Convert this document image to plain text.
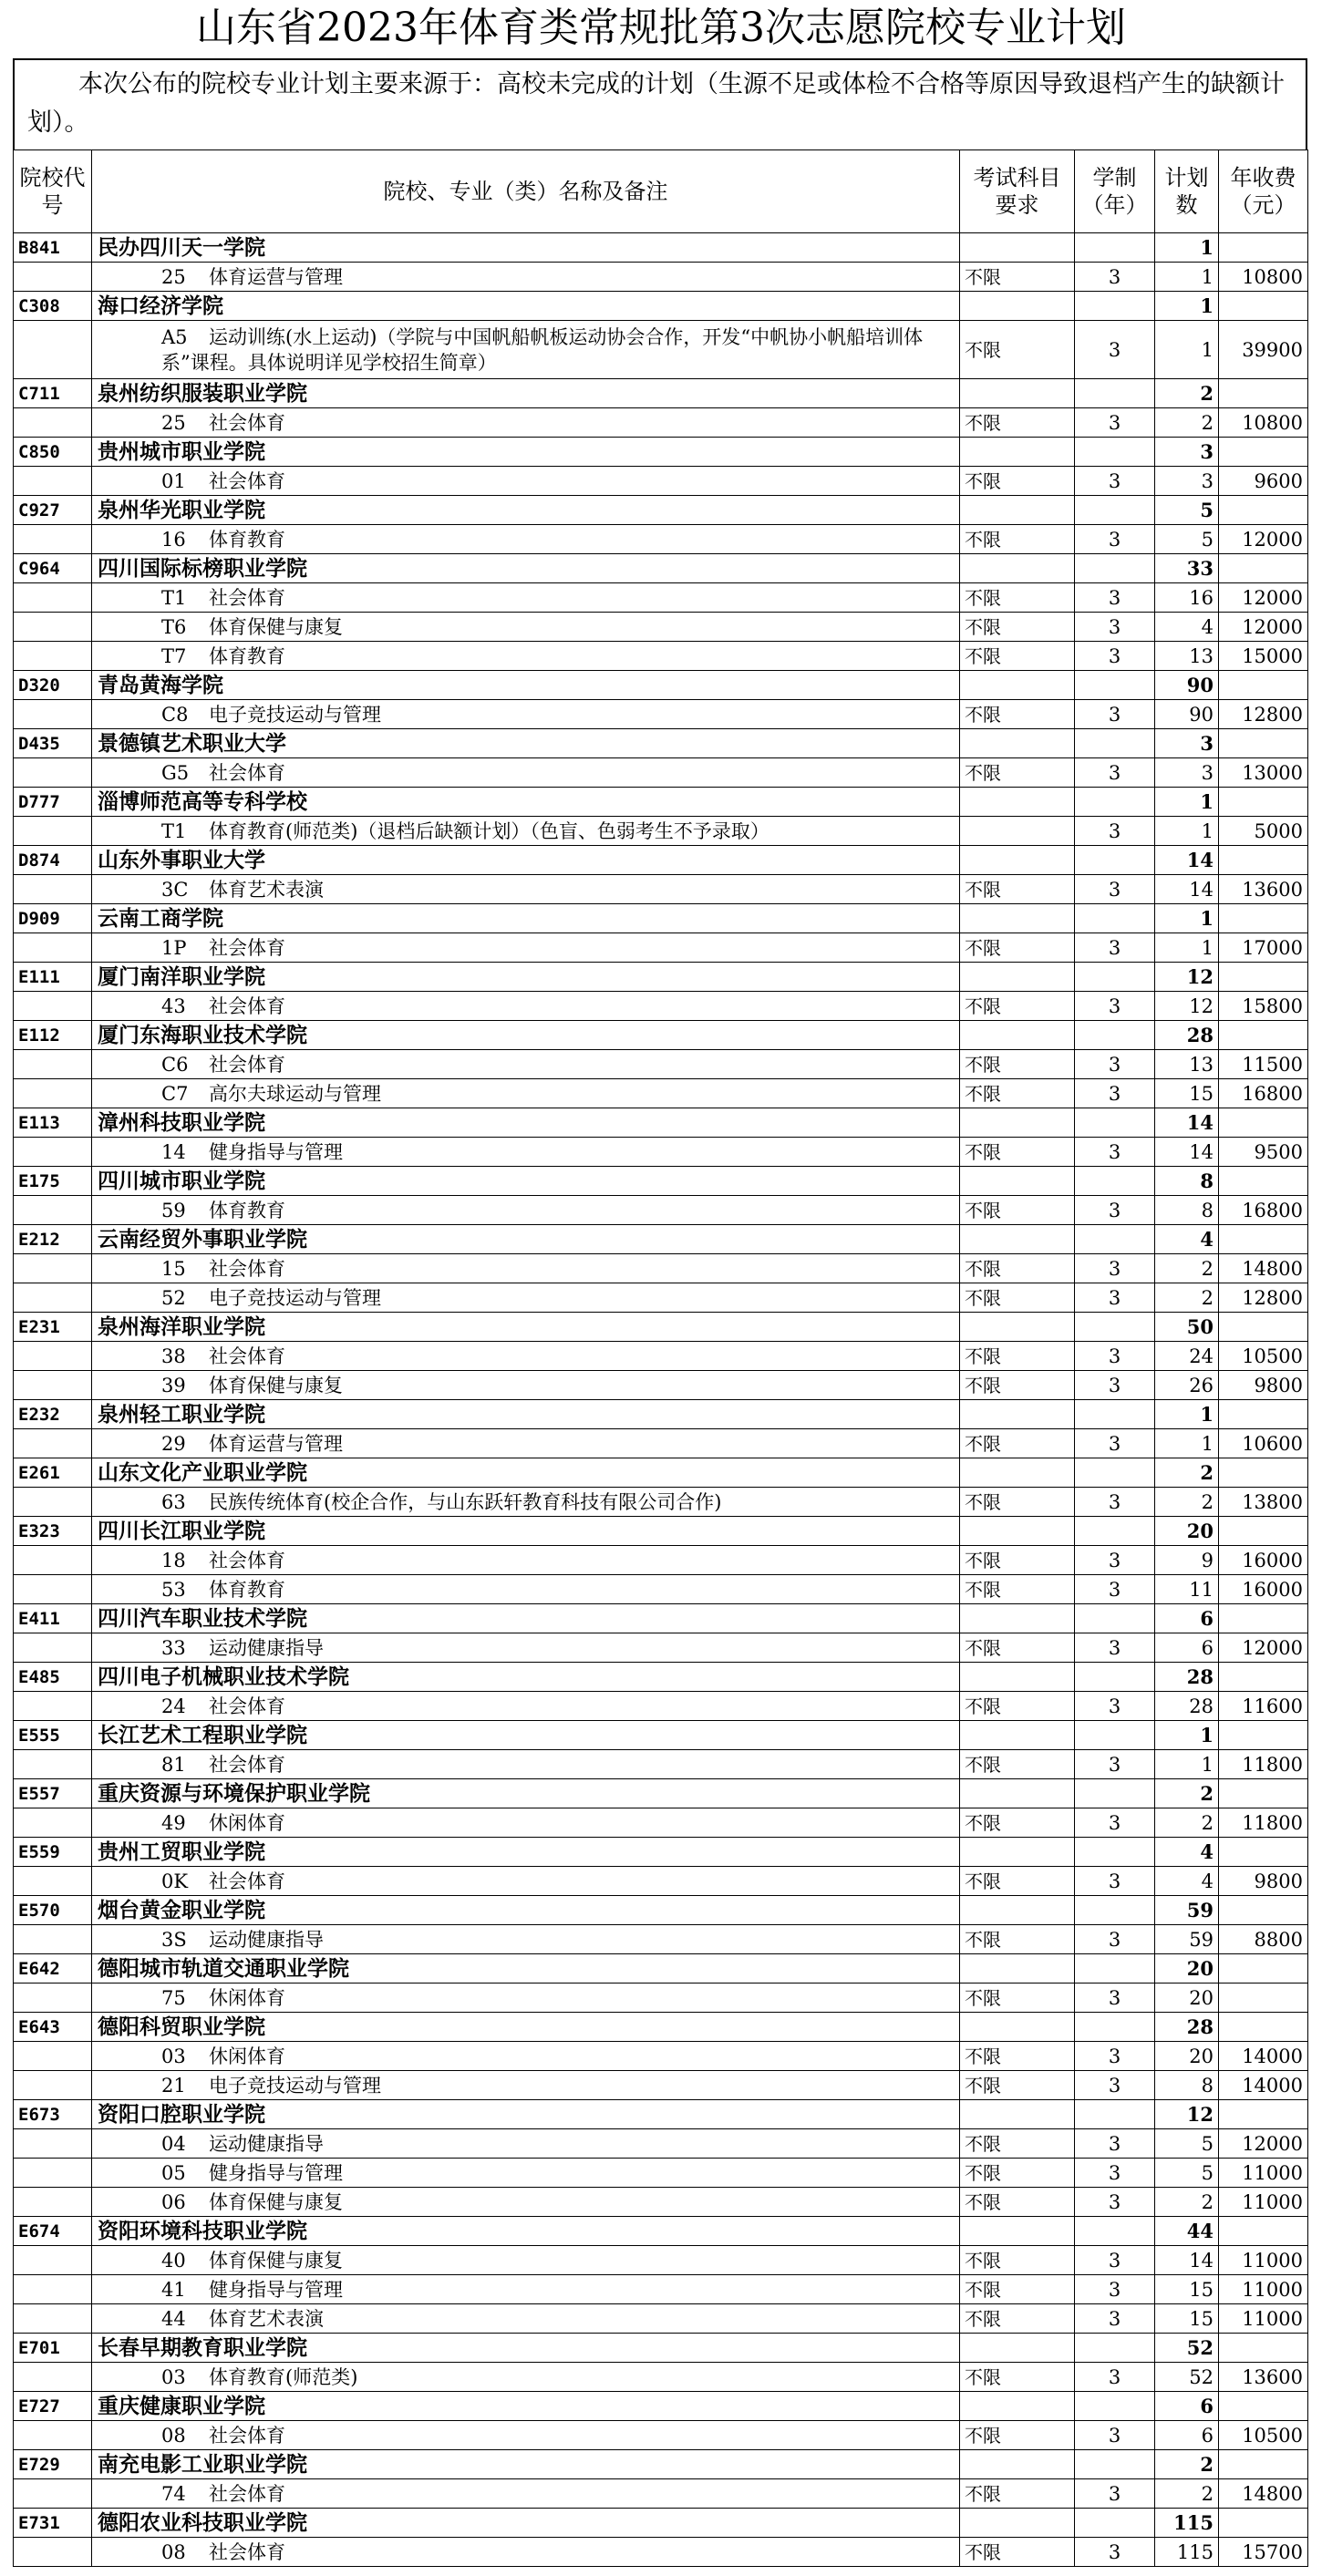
山东省2023年体育类常规批第3次志愿院校专业计划
本次公布的院校专业计划主要来源于：高校未完成的计划（生源不足或体检不合格等原因导致退档产生的缺额计划）。
院校代号	院校、专业（类）名称及备注	考试科目要求	学制（年）	计划数	年收费（元）
B841	民办四川天一学院			1	
	25 体育运营与管理	不限	3	1	10800
C308	海口经济学院			1	
	A5 运动训练(水上运动)（学院与中国帆船帆板运动协会合作，开发“中帆协小帆船培训体系”课程。具体说明详见学校招生简章）	不限	3	1	39900
C711	泉州纺织服装职业学院			2	
	25 社会体育	不限	3	2	10800
C850	贵州城市职业学院			3	
	01 社会体育	不限	3	3	9600
C927	泉州华光职业学院			5	
	16 体育教育	不限	3	5	12000
C964	四川国际标榜职业学院			33	
	T1 社会体育	不限	3	16	12000
	T6 体育保健与康复	不限	3	4	12000
	T7 体育教育	不限	3	13	15000
D320	青岛黄海学院			90	
	C8 电子竞技运动与管理	不限	3	90	12800
D435	景德镇艺术职业大学			3	
	G5 社会体育	不限	3	3	13000
D777	淄博师范高等专科学校			1	
	T1 体育教育(师范类)（退档后缺额计划）（色盲、色弱考生不予录取）		3	1	5000
D874	山东外事职业大学			14	
	3C 体育艺术表演	不限	3	14	13600
D909	云南工商学院			1	
	1P 社会体育	不限	3	1	17000
E111	厦门南洋职业学院			12	
	43 社会体育	不限	3	12	15800
E112	厦门东海职业技术学院			28	
	C6 社会体育	不限	3	13	11500
	C7 高尔夫球运动与管理	不限	3	15	16800
E113	漳州科技职业学院			14	
	14 健身指导与管理	不限	3	14	9500
E175	四川城市职业学院			8	
	59 体育教育	不限	3	8	16800
E212	云南经贸外事职业学院			4	
	15 社会体育	不限	3	2	14800
	52 电子竞技运动与管理	不限	3	2	12800
E231	泉州海洋职业学院			50	
	38 社会体育	不限	3	24	10500
	39 体育保健与康复	不限	3	26	9800
E232	泉州轻工职业学院			1	
	29 体育运营与管理	不限	3	1	10600
E261	山东文化产业职业学院			2	
	63 民族传统体育(校企合作，与山东跃轩教育科技有限公司合作)	不限	3	2	13800
E323	四川长江职业学院			20	
	18 社会体育	不限	3	9	16000
	53 体育教育	不限	3	11	16000
E411	四川汽车职业技术学院			6	
	33 运动健康指导	不限	3	6	12000
E485	四川电子机械职业技术学院			28	
	24 社会体育	不限	3	28	11600
E555	长江艺术工程职业学院			1	
	81 社会体育	不限	3	1	11800
E557	重庆资源与环境保护职业学院			2	
	49 休闲体育	不限	3	2	11800
E559	贵州工贸职业学院			4	
	0K 社会体育	不限	3	4	9800
E570	烟台黄金职业学院			59	
	3S 运动健康指导	不限	3	59	8800
E642	德阳城市轨道交通职业学院			20	
	75 休闲体育	不限	3	20	
E643	德阳科贸职业学院			28	
	03 休闲体育	不限	3	20	14000
	21 电子竞技运动与管理	不限	3	8	14000
E673	资阳口腔职业学院			12	
	04 运动健康指导	不限	3	5	12000
	05 健身指导与管理	不限	3	5	11000
	06 体育保健与康复	不限	3	2	11000
E674	资阳环境科技职业学院			44	
	40 体育保健与康复	不限	3	14	11000
	41 健身指导与管理	不限	3	15	11000
	44 体育艺术表演	不限	3	15	11000
E701	长春早期教育职业学院			52	
	03 体育教育(师范类)	不限	3	52	13600
E727	重庆健康职业学院			6	
	08 社会体育	不限	3	6	10500
E729	南充电影工业职业学院			2	
	74 社会体育	不限	3	2	14800
E731	德阳农业科技职业学院			115	
	08 社会体育	不限	3	115	15700
